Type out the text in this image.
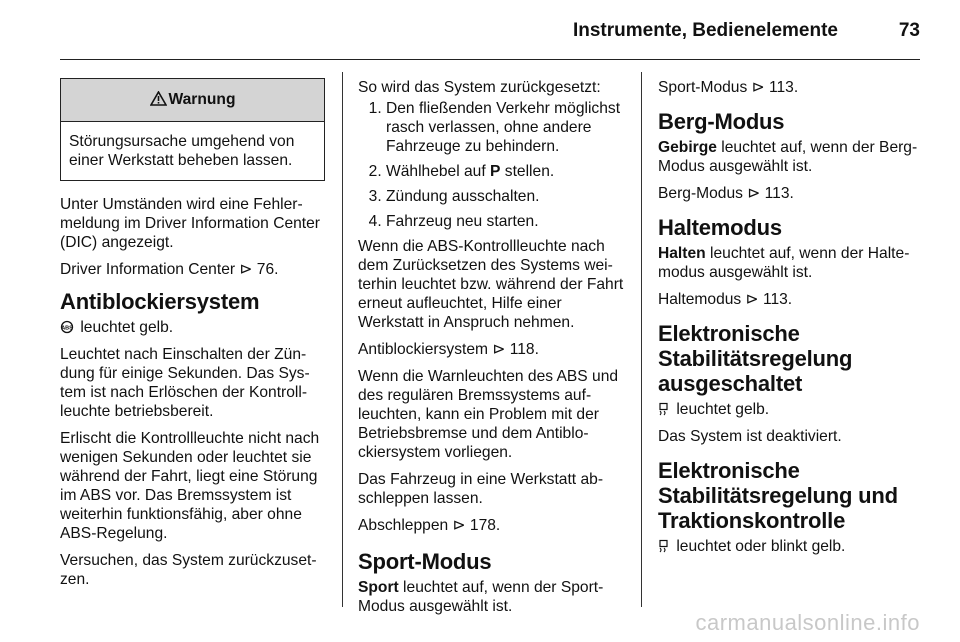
Instrumente, Bedienelemente	73
Warnung
Störungsursache umgehend von einer Werkstatt beheben lassen.

Unter Umständen wird eine Fehlermeldung im Driver Information Center (DIC) angezeigt.

Driver Information Center ⊳ 76.

Antiblockiersystem

ABS leuchtet gelb.

Leuchtet nach Einschalten der Zündung für einige Sekunden. Das System ist nach Erlöschen der Kontrollleuchte betriebsbereit.

Erlischt die Kontrollleuchte nicht nach wenigen Sekunden oder leuchtet sie während der Fahrt, liegt eine Störung im ABS vor. Das Bremssystem ist weiterhin funktionsfähig, aber ohne ABS-Regelung.

Versuchen, das System zurückzusetzen.

So wird das System zurückgesetzt:

1. Den fließenden Verkehr möglichst rasch verlassen, ohne andere Fahrzeuge zu behindern.
2. Wählhebel auf P stellen.
3. Zündung ausschalten.
4. Fahrzeug neu starten.

Wenn die ABS-Kontrollleuchte nach dem Zurücksetzen des Systems weiterhin leuchtet bzw. während der Fahrt erneut aufleuchtet, Hilfe einer Werkstatt in Anspruch nehmen.

Antiblockiersystem ⊳ 118.

Wenn die Warnleuchten des ABS und des regulären Bremssystems aufleuchten, kann ein Problem mit der Betriebsbremse und dem Antiblockiersystem vorliegen.

Das Fahrzeug in eine Werkstatt abschleppen lassen.

Abschleppen ⊳ 178.

Sport-Modus

Sport leuchtet auf, wenn der Sport-Modus ausgewählt ist.

Sport-Modus ⊳ 113.

Berg-Modus

Gebirge leuchtet auf, wenn der Berg-Modus ausgewählt ist.

Berg-Modus ⊳ 113.

Haltemodus

Halten leuchtet auf, wenn der Haltemodus ausgewählt ist.

Haltemodus ⊳ 113.

Elektronische Stabilitätsregelung ausgeschaltet

leuchtet gelb.

Das System ist deaktiviert.

Elektronische Stabilitätsregelung und Traktionskontrolle

leuchtet oder blinkt gelb.

carmanualsonline.info
